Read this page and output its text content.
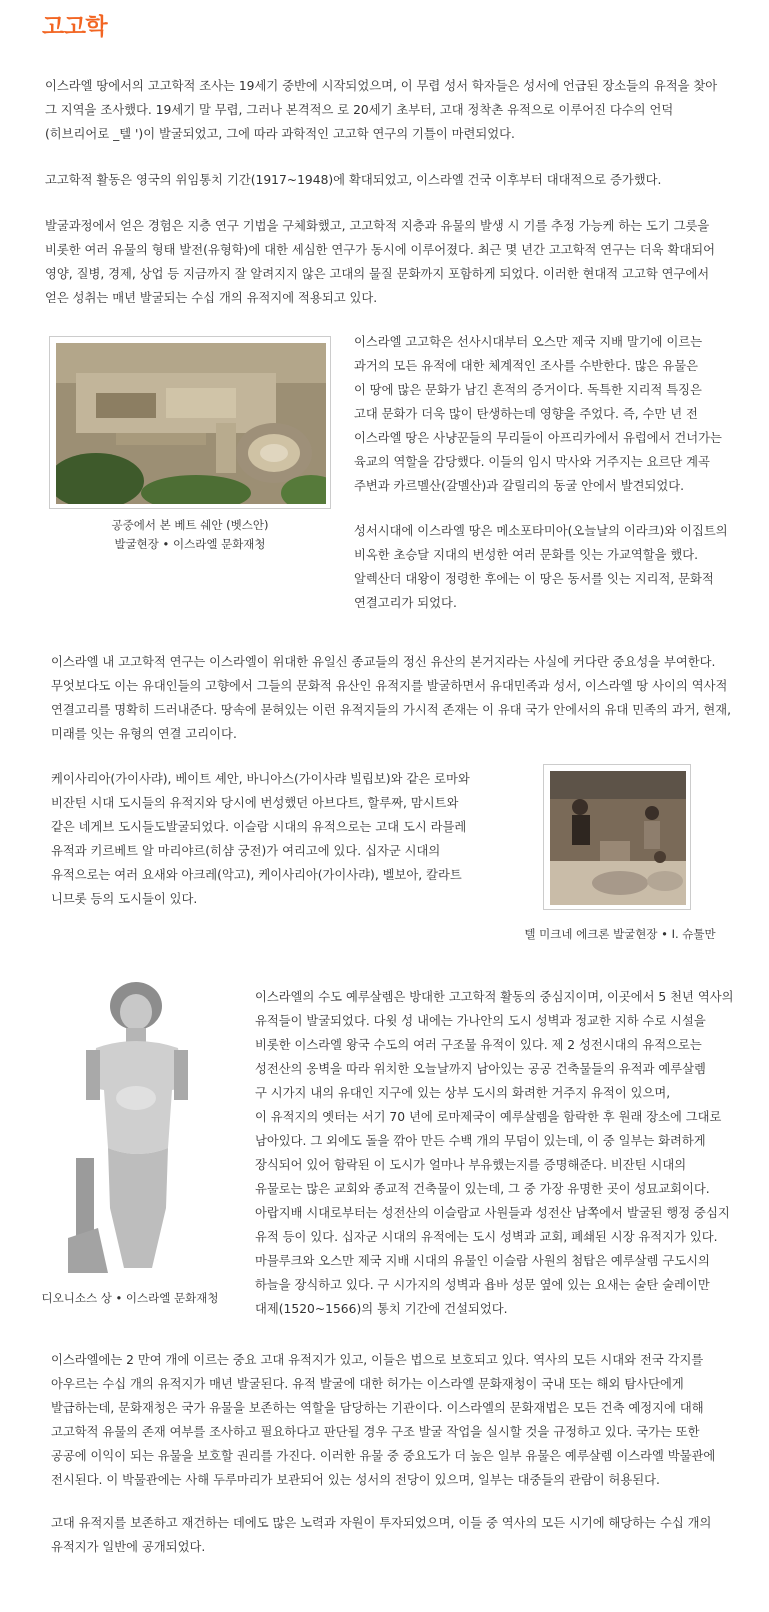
고고학

이스라엘 땅에서의 고고학적 조사는 19세기 중반에 시작되었으며, 이 무렵 성서 학자들은 성서에 언급된 장소들의 유적을 찾아
그 지역을 조사했다. 19세기 말 무렵, 그러나 본격적으 로 20세기 초부터, 고대 정착촌 유적으로 이루어진 다수의 언덕
(히브리어로 _텔 ')이 발굴되었고, 그에 따라 과학적인 고고학 연구의 기틀이 마련되었다.

고고학적 활동은 영국의 위임통치 기간(1917~1948)에 확대되었고, 이스라엘 건국 이후부터 대대적으로 증가했다.

발굴과정에서 얻은 경험은 지층 연구 기법을 구체화했고, 고고학적 지층과 유물의 발생 시 기를 추정 가능케 하는 도기 그릇을
비롯한 여러 유물의 형태 발전(유형학)에 대한 세심한 연구가 동시에 이루어졌다. 최근 몇 년간 고고학적 연구는 더욱 확대되어
영양, 질병, 경제, 상업 등 지금까지 잘 알려지지 않은 고대의 물질 문화까지 포함하게 되었다. 이러한 현대적 고고학 연구에서
얻은 성취는 매년 발굴되는 수십 개의 유적지에 적용되고 있다.

공중에서 본 베트 쉐안 (벳스안)
발굴현장 • 이스라엘 문화재청

이스라엘 고고학은 선사시대부터 오스만 제국 지배 말기에 이르는
과거의 모든 유적에 대한 체계적인 조사를 수반한다. 많은 유물은
이 땅에 많은 문화가 남긴 흔적의 증거이다. 독특한 지리적 특징은
고대 문화가 더욱 많이 탄생하는데 영향을 주었다. 즉, 수만 년 전
이스라엘 땅은 사냥꾼들의 무리들이 아프리카에서 유럽에서 건너가는
육교의 역할을 감당했다. 이들의 임시 막사와 거주지는 요르단 계곡
주변과 카르멜산(갈멜산)과 갈릴리의 동굴 안에서 발견되었다.

성서시대에 이스라엘 땅은 메소포타미아(오늘날의 이라크)와 이집트의
비옥한 초승달 지대의 번성한 여러 문화를 잇는 가교역할을 했다.
알렉산더 대왕이 정령한 후에는 이 땅은 동서를 잇는 지리적, 문화적
연결고리가 되었다.

이스라엘 내 고고학적 연구는 이스라엘이 위대한 유일신 종교들의 정신 유산의 본거지라는 사실에 커다란 중요성을 부여한다.
무엇보다도 이는 유대인들의 고향에서 그들의 문화적 유산인 유적지를 발굴하면서 유대민족과 성서, 이스라엘 땅 사이의 역사적
연결고리를 명확히 드러내준다. 땅속에 묻혀있는 이런 유적지들의 가시적 존재는 이 유대 국가 안에서의 유대 민족의 과거, 현재,
미래를 잇는 유형의 연결 고리이다.

케이사리아(가이사랴), 베이트 셰안, 바니아스(가이사랴 빌립보)와 같은 로마와
비잔틴 시대 도시들의 유적지와 당시에 번성했던 아브다트, 할루짜, 맘시트와
같은 네게브 도시들도발굴되었다. 이슬람 시대의 유적으로는 고대 도시 라믈레
유적과 키르베트 알 마리야르(히샴 궁전)가 여리고에 있다. 십자군 시대의
유적으로는 여러 요새와 아크레(악고), 케이사리아(가이사랴), 벨보아, 칼라트
니므롯 등의 도시들이 있다.

텔 미크네 에크론 발굴현장 • I. 슈툴만
디오니소스 상 • 이스라엘 문화재청

이스라엘의 수도 예루살렘은 방대한 고고학적 활동의 중심지이며, 이곳에서 5 천년 역사의
유적들이 발굴되었다. 다윗 성 내에는 가나안의 도시 성벽과 정교한 지하 수로 시설을
비롯한 이스라엘 왕국 수도의 여러 구조물 유적이 있다. 제 2 성전시대의 유적으로는
성전산의 옹벽을 따라 위치한 오늘날까지 남아있는 공공 건축물들의 유적과 예루살렘
구 시가지 내의 유대인 지구에 있는 상부 도시의 화려한 거주지 유적이 있으며,
이 유적지의 옛터는 서기 70 년에 로마제국이 예루살렘을 함락한 후 원래 장소에 그대로
남아있다. 그 외에도 돌을 깎아 만든 수백 개의 무덤이 있는데, 이 중 일부는 화려하게
장식되어 있어 함락된 이 도시가 얼마나 부유했는지를 증명해준다. 비잔틴 시대의
유물로는 많은 교회와 종교적 건축물이 있는데, 그 중 가장 유명한 곳이 성묘교회이다.
아랍지배 시대로부터는 성전산의 이슬람교 사원들과 성전산 남쪽에서 발굴된 행정 중심지
유적 등이 있다. 십자군 시대의 유적에는 도시 성벽과 교회, 폐쇄된 시장 유적지가 있다.
마믈루크와 오스만 제국 지배 시대의 유물인 이슬람 사원의 첨탑은 예루살렘 구도시의
하늘을 장식하고 있다. 구 시가지의 성벽과 욥바 성문 옆에 있는 요새는 술탄 술레이만
대제(1520~1566)의 통치 기간에 건설되었다.

이스라엘에는 2 만여 개에 이르는 중요 고대 유적지가 있고, 이들은 법으로 보호되고 있다. 역사의 모든 시대와 전국 각지를
아우르는 수십 개의 유적지가 매년 발굴된다. 유적 발굴에 대한 허가는 이스라엘 문화재청이 국내 또는 해외 탐사단에게
발급하는데, 문화재청은 국가 유물을 보존하는 역할을 담당하는 기관이다. 이스라엘의 문화재법은 모든 건축 예정지에 대해
고고학적 유물의 존재 여부를 조사하고 필요하다고 판단될 경우 구조 발굴 작업을 실시할 것을 규정하고 있다. 국가는 또한
공공에 이익이 되는 유물을 보호할 권리를 가진다. 이러한 유물 중 중요도가 더 높은 일부 유물은 예루살렘 이스라엘 박물관에
전시된다. 이 박물관에는 사해 두루마리가 보관되어 있는 성서의 전당이 있으며, 일부는 대중들의 관람이 허용된다.

고대 유적지를 보존하고 재건하는 데에도 많은 노력과 자원이 투자되었으며, 이들 중 역사의 모든 시기에 해당하는 수십 개의
유적지가 일반에 공개되었다.
